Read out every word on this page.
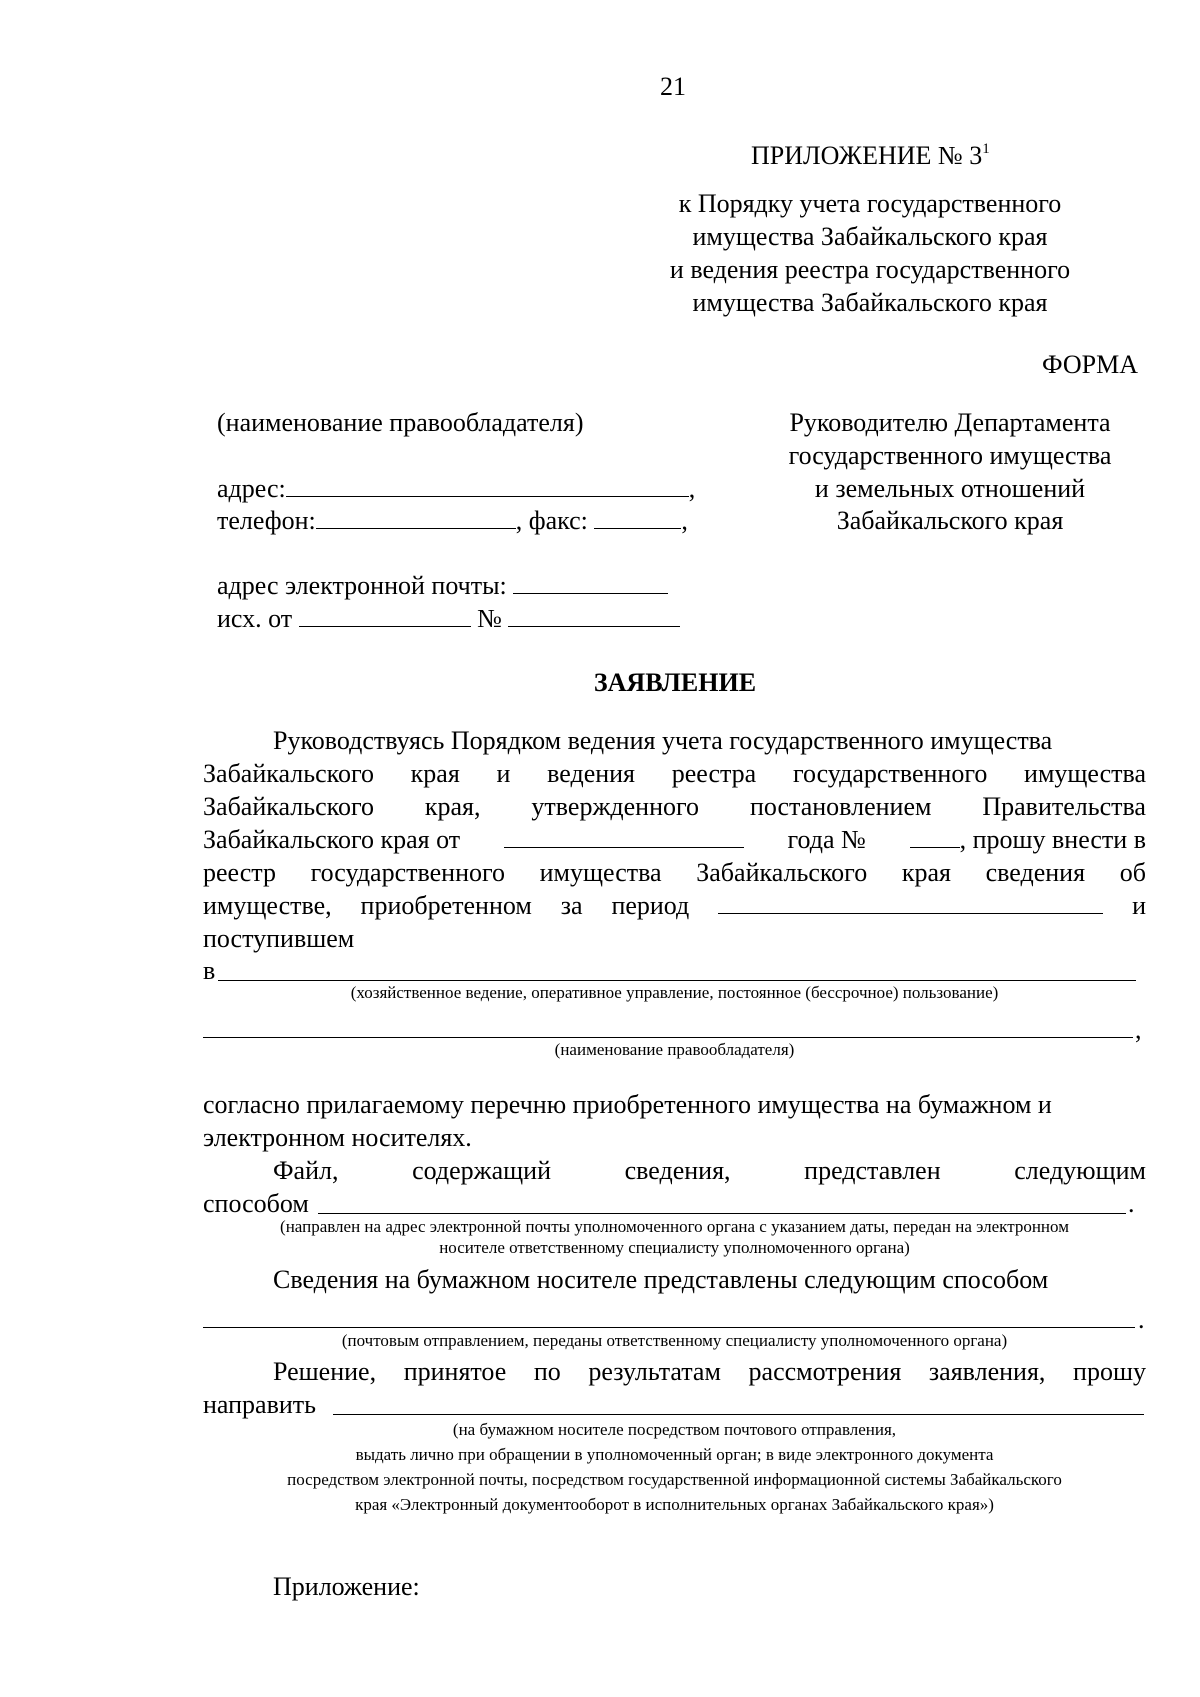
21
ПРИЛОЖЕНИЕ № $3^1$
к Порядку учета государственного
имущества Забайкальского края
и ведения реестра государственного
имущества Забайкальского края
ФОРМА
(наименование правообладателя)
адрес:	,
телефон:	, факс:	,
адрес электронной почты:
исх. от	№
Руководителю Департамента
государственного имущества
и земельных отношений
Забайкальского края
ЗАЯВЛЕНИЕ
Руководствуясь Порядком ведения учета государственного имущества
Забайкальского края и ведения реестра государственного имущества
Забайкальского края, утвержденного постановлением Правительства
Забайкальского края от	года №	, прошу внести в
реестр государственного имущества Забайкальского края сведения об
имуществе, приобретенном за период	и
поступившем
в
(хозяйственное ведение, оперативное управление, постоянное (бессрочное) пользование)
,
(наименование правообладателя)
согласно прилагаемому перечню приобретенного имущества на бумажном и
электронном носителях.
Файл,	содержащий	сведения,	представлен	следующим
способом	.
(направлен на адрес электронной почты уполномоченного органа с указанием даты, передан на электронном
носителе ответственному специалисту уполномоченного органа)
Сведения на бумажном носителе представлены следующим способом
.
(почтовым отправлением, переданы ответственному специалисту уполномоченного органа)
Решение, принятое по результатам рассмотрения заявления, прошу
направить
(на бумажном носителе посредством почтового отправления,
выдать лично при обращении в уполномоченный орган; в виде электронного документа
посредством электронной почты, посредством государственной информационной системы Забайкальского
края «Электронный документооборот в исполнительных органах Забайкальского края»)
Приложение:
